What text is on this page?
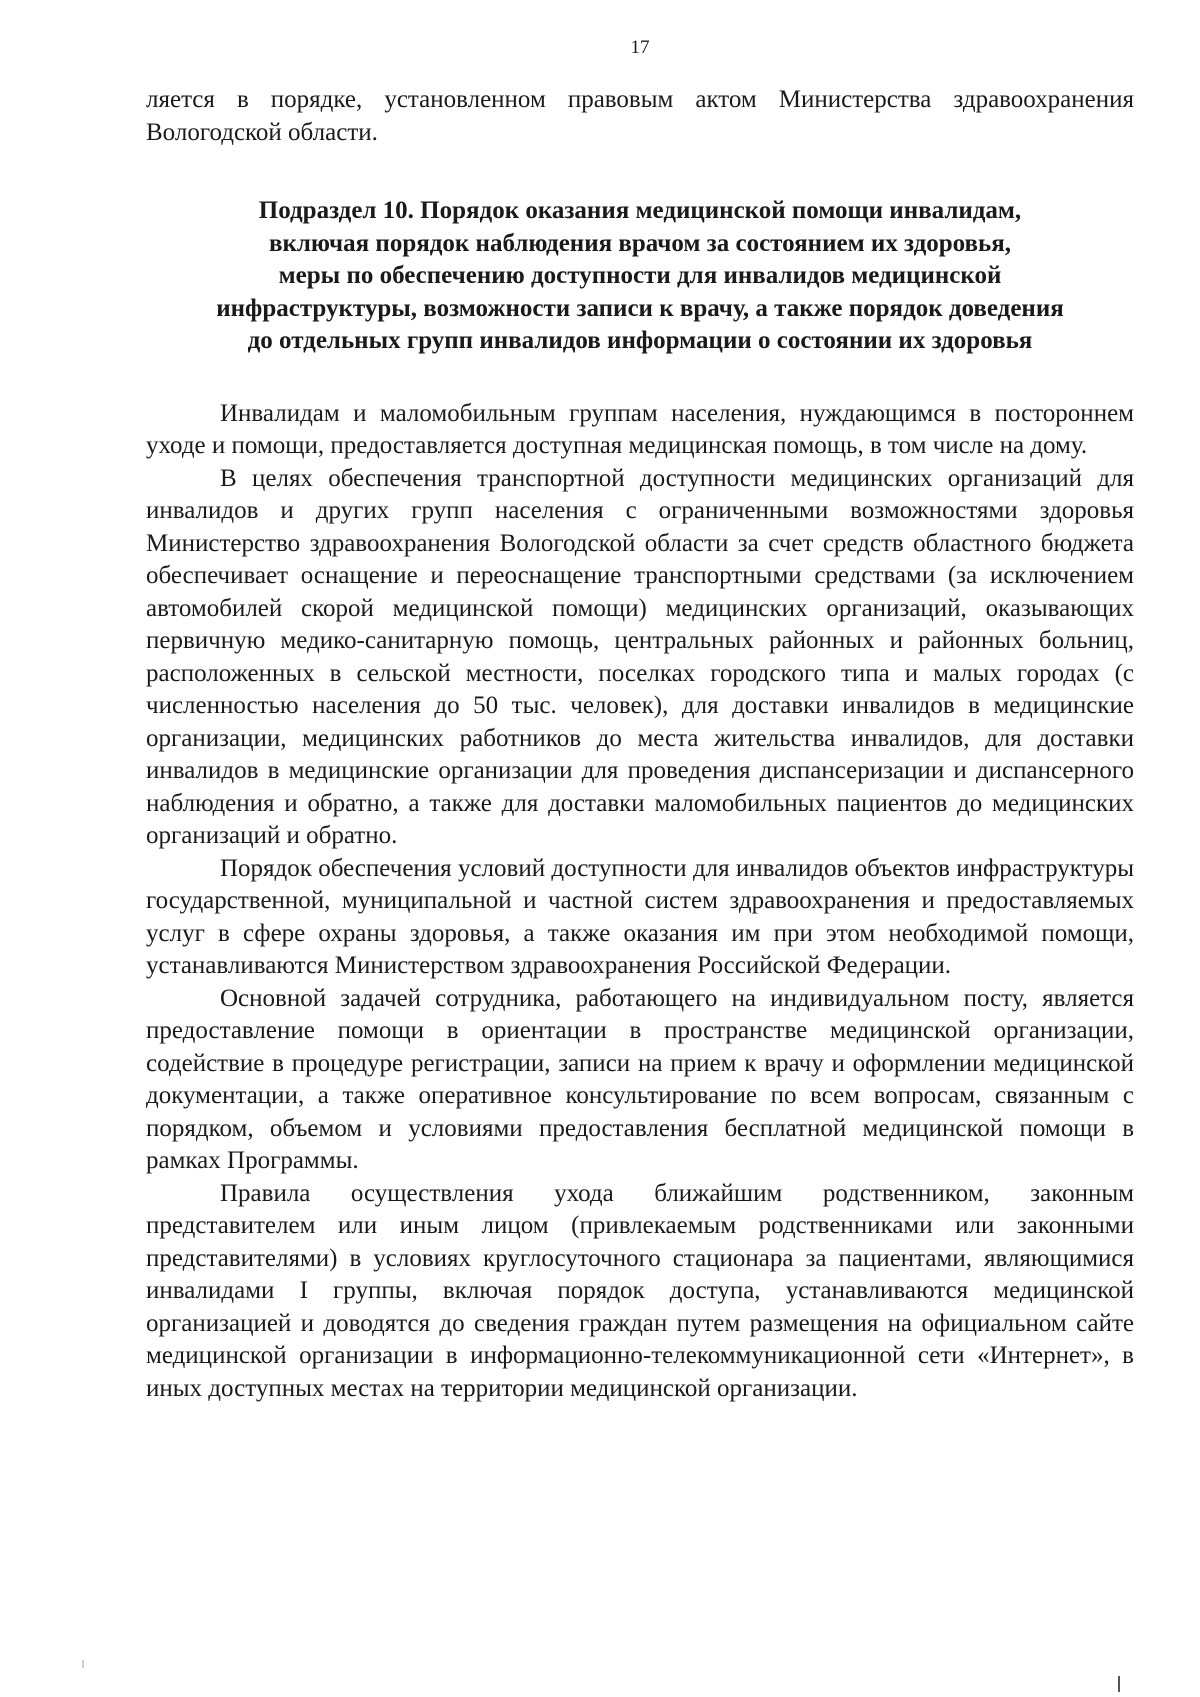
17

ляется в порядке, установленном правовым актом Министерства здравоохранения Вологодской области.

Подраздел 10. Порядок оказания медицинской помощи инвалидам,
включая порядок наблюдения врачом за состоянием их здоровья,
меры по обеспечению доступности для инвалидов медицинской
инфраструктуры, возможности записи к врачу, а также порядок доведения
до отдельных групп инвалидов информации о состоянии их здоровья

Инвалидам и маломобильным группам населения, нуждающимся в постороннем уходе и помощи, предоставляется доступная медицинская помощь, в том числе на дому.

В целях обеспечения транспортной доступности медицинских организаций для инвалидов и других групп населения с ограниченными возможностями здоровья Министерство здравоохранения Вологодской области за счет средств областного бюджета обеспечивает оснащение и переоснащение транспортными средствами (за исключением автомобилей скорой медицинской помощи) медицинских организаций, оказывающих первичную медико-санитарную помощь, центральных районных и районных больниц, расположенных в сельской местности, поселках городского типа и малых городах (с численностью населения до 50 тыс. человек), для доставки инвалидов в медицинские организации, медицинских работников до места жительства инвалидов, для доставки инвалидов в медицинские организации для проведения диспансеризации и диспансерного наблюдения и обратно, а также для доставки маломобильных пациентов до медицинских организаций и обратно.

Порядок обеспечения условий доступности для инвалидов объектов инфраструктуры государственной, муниципальной и частной систем здравоохранения и предоставляемых услуг в сфере охраны здоровья, а также оказания им при этом необходимой помощи, устанавливаются Министерством здравоохранения Российской Федерации.

Основной задачей сотрудника, работающего на индивидуальном посту, является предоставление помощи в ориентации в пространстве медицинской организации, содействие в процедуре регистрации, записи на прием к врачу и оформлении медицинской документации, а также оперативное консультирование по всем вопросам, связанным с порядком, объемом и условиями предоставления бесплатной медицинской помощи в рамках Программы.

Правила осуществления ухода ближайшим родственником, законным представителем или иным лицом (привлекаемым родственниками или законными представителями) в условиях круглосуточного стационара за пациентами, являющимися инвалидами I группы, включая порядок доступа, устанавливаются медицинской организацией и доводятся до сведения граждан путем размещения на официальном сайте медицинской организации в информационно-телекоммуникационной сети «Интернет», в иных доступных местах на территории медицинской организации.
